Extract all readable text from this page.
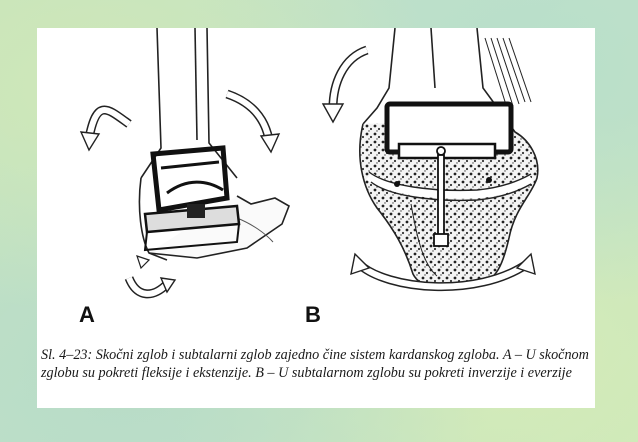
A	B

Sl. 4–23: Skočni zglob i subtalarni zglob zajedno čine sistem kardanskog zgloba. A – U skočnom zglobu su pokreti fleksije i ekstenzije. B – U subtalarnom zglobu su pokreti inverzije i everzije
